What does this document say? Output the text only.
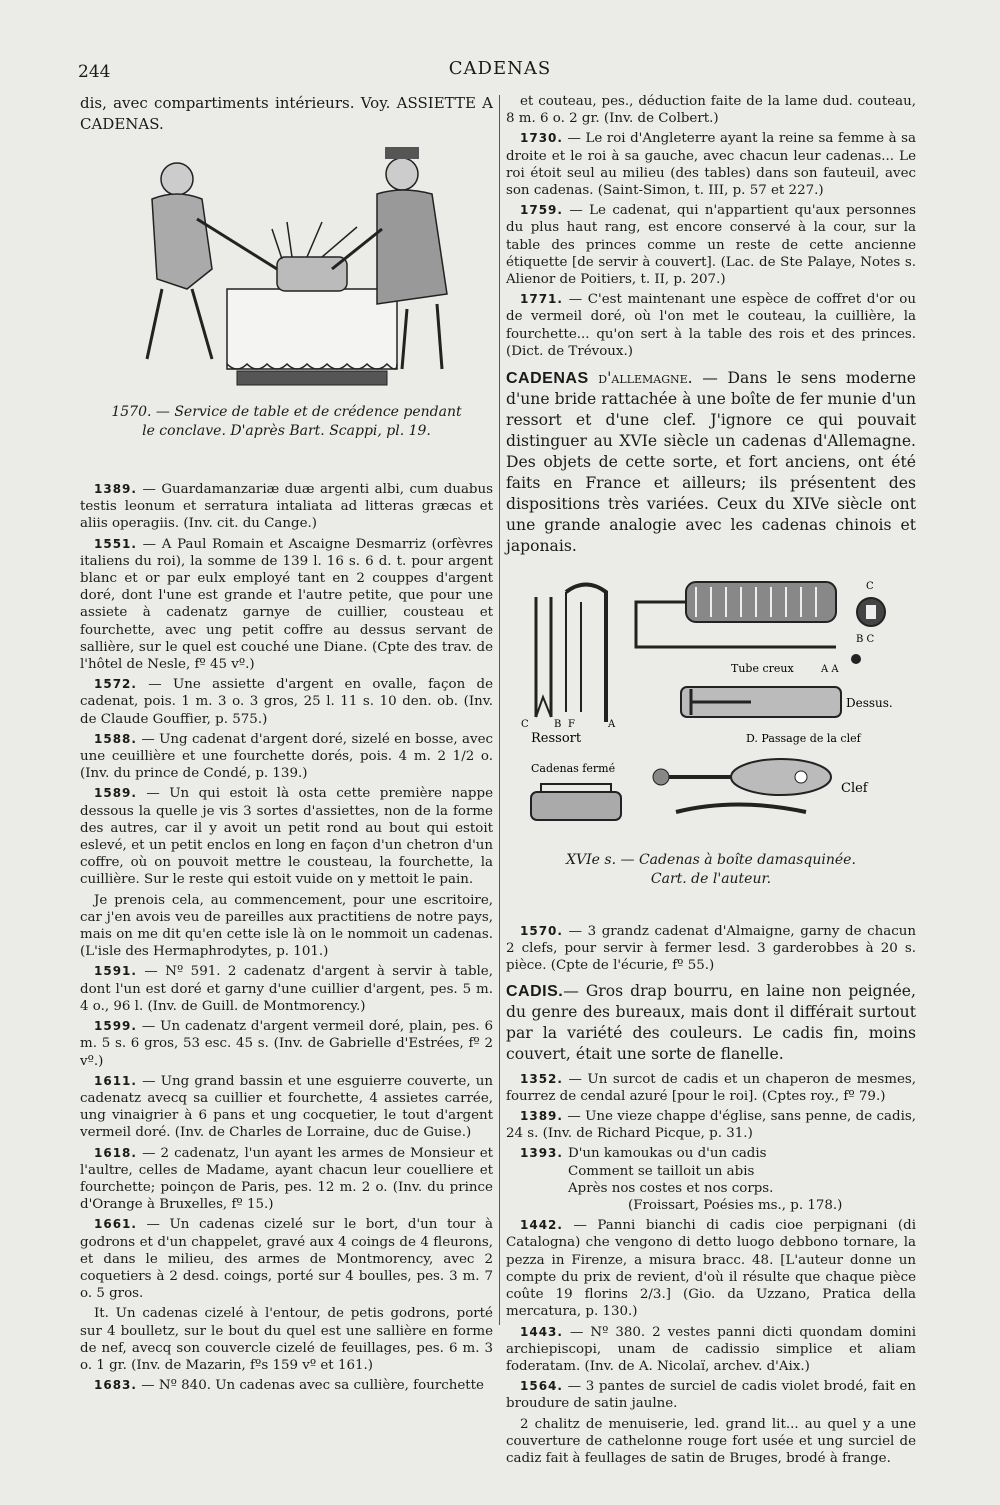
244	CADENAS

dis, avec compartiments intérieurs. Voy. ASSIETTE A CADENAS.

1570. — Service de table et de crédence pendant
le conclave. D'après Bart. Scappi, pl. 19.

1389. — Guardamanzariæ duæ argenti albi, cum duabus testis leonum et serratura intaliata ad litteras græcas et aliis operagiis. (Inv. cit. du Cange.)

1551. — A Paul Romain et Ascaigne Desmarriz (orfèvres italiens du roi), la somme de 139 l. 16 s. 6 d. t. pour argent blanc et or par eulx employé tant en 2 couppes d'argent doré, dont l'une est grande et l'autre petite, que pour une assiete à cadenatz garnye de cuillier, cousteau et fourchette, avec ung petit coffre au dessus servant de sallière, sur le quel est couché une Diane. (Cpte des trav. de l'hôtel de Nesle, fº 45 vº.)

1572. — Une assiette d'argent en ovalle, façon de cadenat, pois. 1 m. 3 o. 3 gros, 25 l. 11 s. 10 den. ob. (Inv. de Claude Gouffier, p. 575.)

1588. — Ung cadenat d'argent doré, sizelé en bosse, avec une ceuillière et une fourchette dorés, pois. 4 m. 2 1/2 o. (Inv. du prince de Condé, p. 139.)

1589. — Un qui estoit là osta cette première nappe dessous la quelle je vis 3 sortes d'assiettes, non de la forme des autres, car il y avoit un petit rond au bout qui estoit eslevé, et un petit enclos en long en façon d'un chetron d'un coffre, où on pouvoit mettre le cousteau, la fourchette, la cuillière. Sur le reste qui estoit vuide on y mettoit le pain.

Je prenois cela, au commencement, pour une escritoire, car j'en avois veu de pareilles aux practitiens de notre pays, mais on me dit qu'en cette isle là on le nommoit un cadenas. (L'isle des Hermaphrodytes, p. 101.)

1591. — Nº 591. 2 cadenatz d'argent à servir à table, dont l'un est doré et garny d'une cuillier d'argent, pes. 5 m. 4 o., 96 l. (Inv. de Guill. de Montmorency.)

1599. — Un cadenatz d'argent vermeil doré, plain, pes. 6 m. 5 s. 6 gros, 53 esc. 45 s. (Inv. de Gabrielle d'Estrées, fº 2 vº.)

1611. — Ung grand bassin et une esguierre couverte, un cadenatz avecq sa cuillier et fourchette, 4 assietes carrée, ung vinaigrier à 6 pans et ung cocquetier, le tout d'argent vermeil doré. (Inv. de Charles de Lorraine, duc de Guise.)

1618. — 2 cadenatz, l'un ayant les armes de Monsieur et l'aultre, celles de Madame, ayant chacun leur couelliere et fourchette; poinçon de Paris, pes. 12 m. 2 o. (Inv. du prince d'Orange à Bruxelles, fº 15.)

1661. — Un cadenas cizelé sur le bort, d'un tour à godrons et d'un chappelet, gravé aux 4 coings de 4 fleurons, et dans le milieu, des armes de Montmorency, avec 2 coquetiers à 2 desd. coings, porté sur 4 boulles, pes. 3 m. 7 o. 5 gros.

It. Un cadenas cizelé à l'entour, de petis godrons, porté sur 4 boulletz, sur le bout du quel est une sallière en forme de nef, avecq son couvercle cizelé de feuillages, pes. 6 m. 3 o. 1 gr. (Inv. de Mazarin, fºs 159 vº et 161.)

1683. — Nº 840. Un cadenas avec sa cullière, fourchette

et couteau, pes., déduction faite de la lame dud. couteau, 8 m. 6 o. 2 gr. (Inv. de Colbert.)

1730. — Le roi d'Angleterre ayant la reine sa femme à sa droite et le roi à sa gauche, avec chacun leur cadenas... Le roi étoit seul au milieu (des tables) dans son fauteuil, avec son cadenas. (Saint-Simon, t. III, p. 57 et 227.)

1759. — Le cadenat, qui n'appartient qu'aux personnes du plus haut rang, est encore conservé à la cour, sur la table des princes comme un reste de cette ancienne étiquette [de servir à couvert]. (Lac. de Ste Palaye, Notes s. Alienor de Poitiers, t. II, p. 207.)

1771. — C'est maintenant une espèce de coffret d'or ou de vermeil doré, où l'on met le couteau, la cuillière, la fourchette... qu'on sert à la table des rois et des princes. (Dict. de Trévoux.)

CADENAS d'allemagne. — Dans le sens moderne d'une bride rattachée à une boîte de fer munie d'un ressort et d'une clef. J'ignore ce qui pouvait distinguer au XVIe siècle un cadenas d'Allemagne. Des objets de cette sorte, et fort anciens, ont été faits en France et ailleurs; ils présentent des dispositions très variées. Ceux du XIVe siècle ont une grande analogie avec les cadenas chinois et japonais.

C	B F	A
Ressort
C
B C
Tube creux	A A
Dessus.
D. Passage de la clef
Cadenas fermé
Clef

XVIe s. — Cadenas à boîte damasquinée.
Cart. de l'auteur.

1570. — 3 grandz cadenat d'Almaigne, garny de chacun 2 clefs, pour servir à fermer lesd. 3 garderobbes à 20 s. pièce. (Cpte de l'écurie, fº 55.)

CADIS.— Gros drap bourru, en laine non peignée, du genre des bureaux, mais dont il différait surtout par la variété des couleurs. Le cadis fin, moins couvert, était une sorte de flanelle.

1352. — Un surcot de cadis et un chaperon de mesmes, fourrez de cendal azuré [pour le roi]. (Cptes roy., fº 79.)

1389. — Une vieze chappe d'église, sans penne, de cadis, 24 s. (Inv. de Richard Picque, p. 31.)

1393. D'un kamoukas ou d'un cadis
Comment se tailloit un abis
Après nos costes et nos corps.
(Froissart, Poésies ms., p. 178.)

1442. — Panni bianchi di cadis cioe perpignani (di Catalogna) che vengono di detto luogo debbono tornare, la pezza in Firenze, a misura bracc. 48. [L'auteur donne un compte du prix de revient, d'où il résulte que chaque pièce coûte 19 florins 2/3.] (Gio. da Uzzano, Pratica della mercatura, p. 130.)

1443. — Nº 380. 2 vestes panni dicti quondam domini archiepiscopi, unam de cadissio simplice et aliam foderatam. (Inv. de A. Nicolaï, archev. d'Aix.)

1564. — 3 pantes de surciel de cadis violet brodé, fait en broudure de satin jaulne.

2 chalitz de menuiserie, led. grand lit... au quel y a une couverture de cathelonne rouge fort usée et ung surciel de cadiz fait à feullages de satin de Bruges, brodé à frange.
